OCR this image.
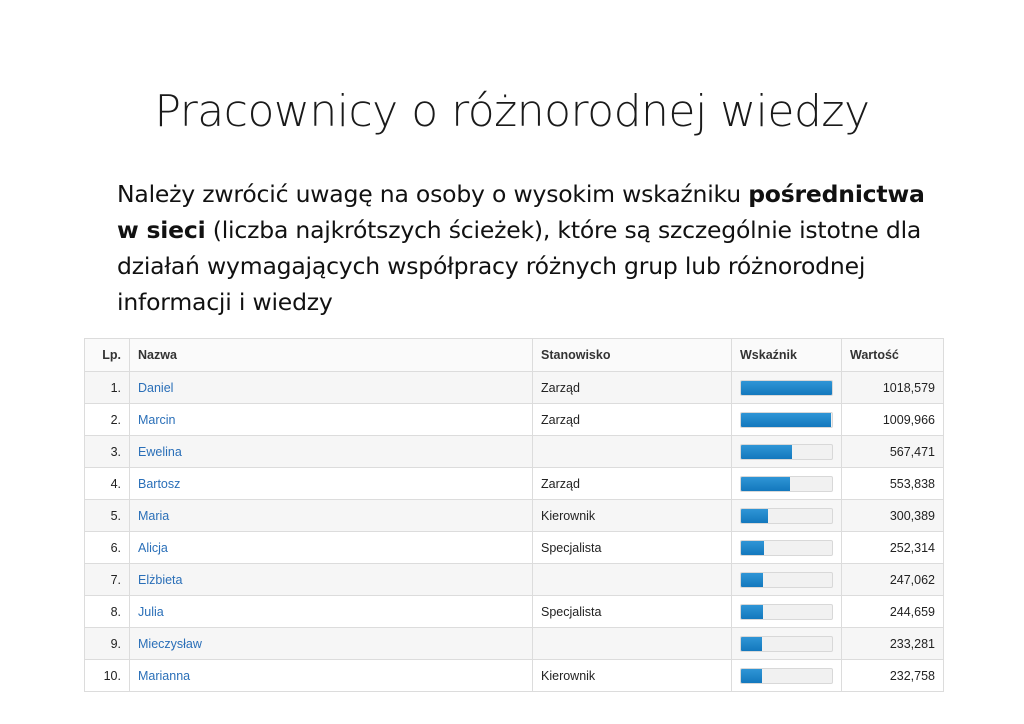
Pracownicy o różnorodnej wiedzy
Należy zwrócić uwagę na osoby o wysokim wskaźniku pośrednictwa w sieci (liczba najkrótszych ścieżek), które są szczególnie istotne dla działań wymagających współpracy różnych grup lub różnorodnej informacji i wiedzy
Lp.	Nazwa	Stanowisko	Wskaźnik	Wartość
1.	Daniel	Zarząd		1018,579
2.	Marcin	Zarząd		1009,966
3.	Ewelina			567,471
4.	Bartosz	Zarząd		553,838
5.	Maria	Kierownik		300,389
6.	Alicja	Specjalista		252,314
7.	Elżbieta			247,062
8.	Julia	Specjalista		244,659
9.	Mieczysław			233,281
10.	Marianna	Kierownik		232,758
